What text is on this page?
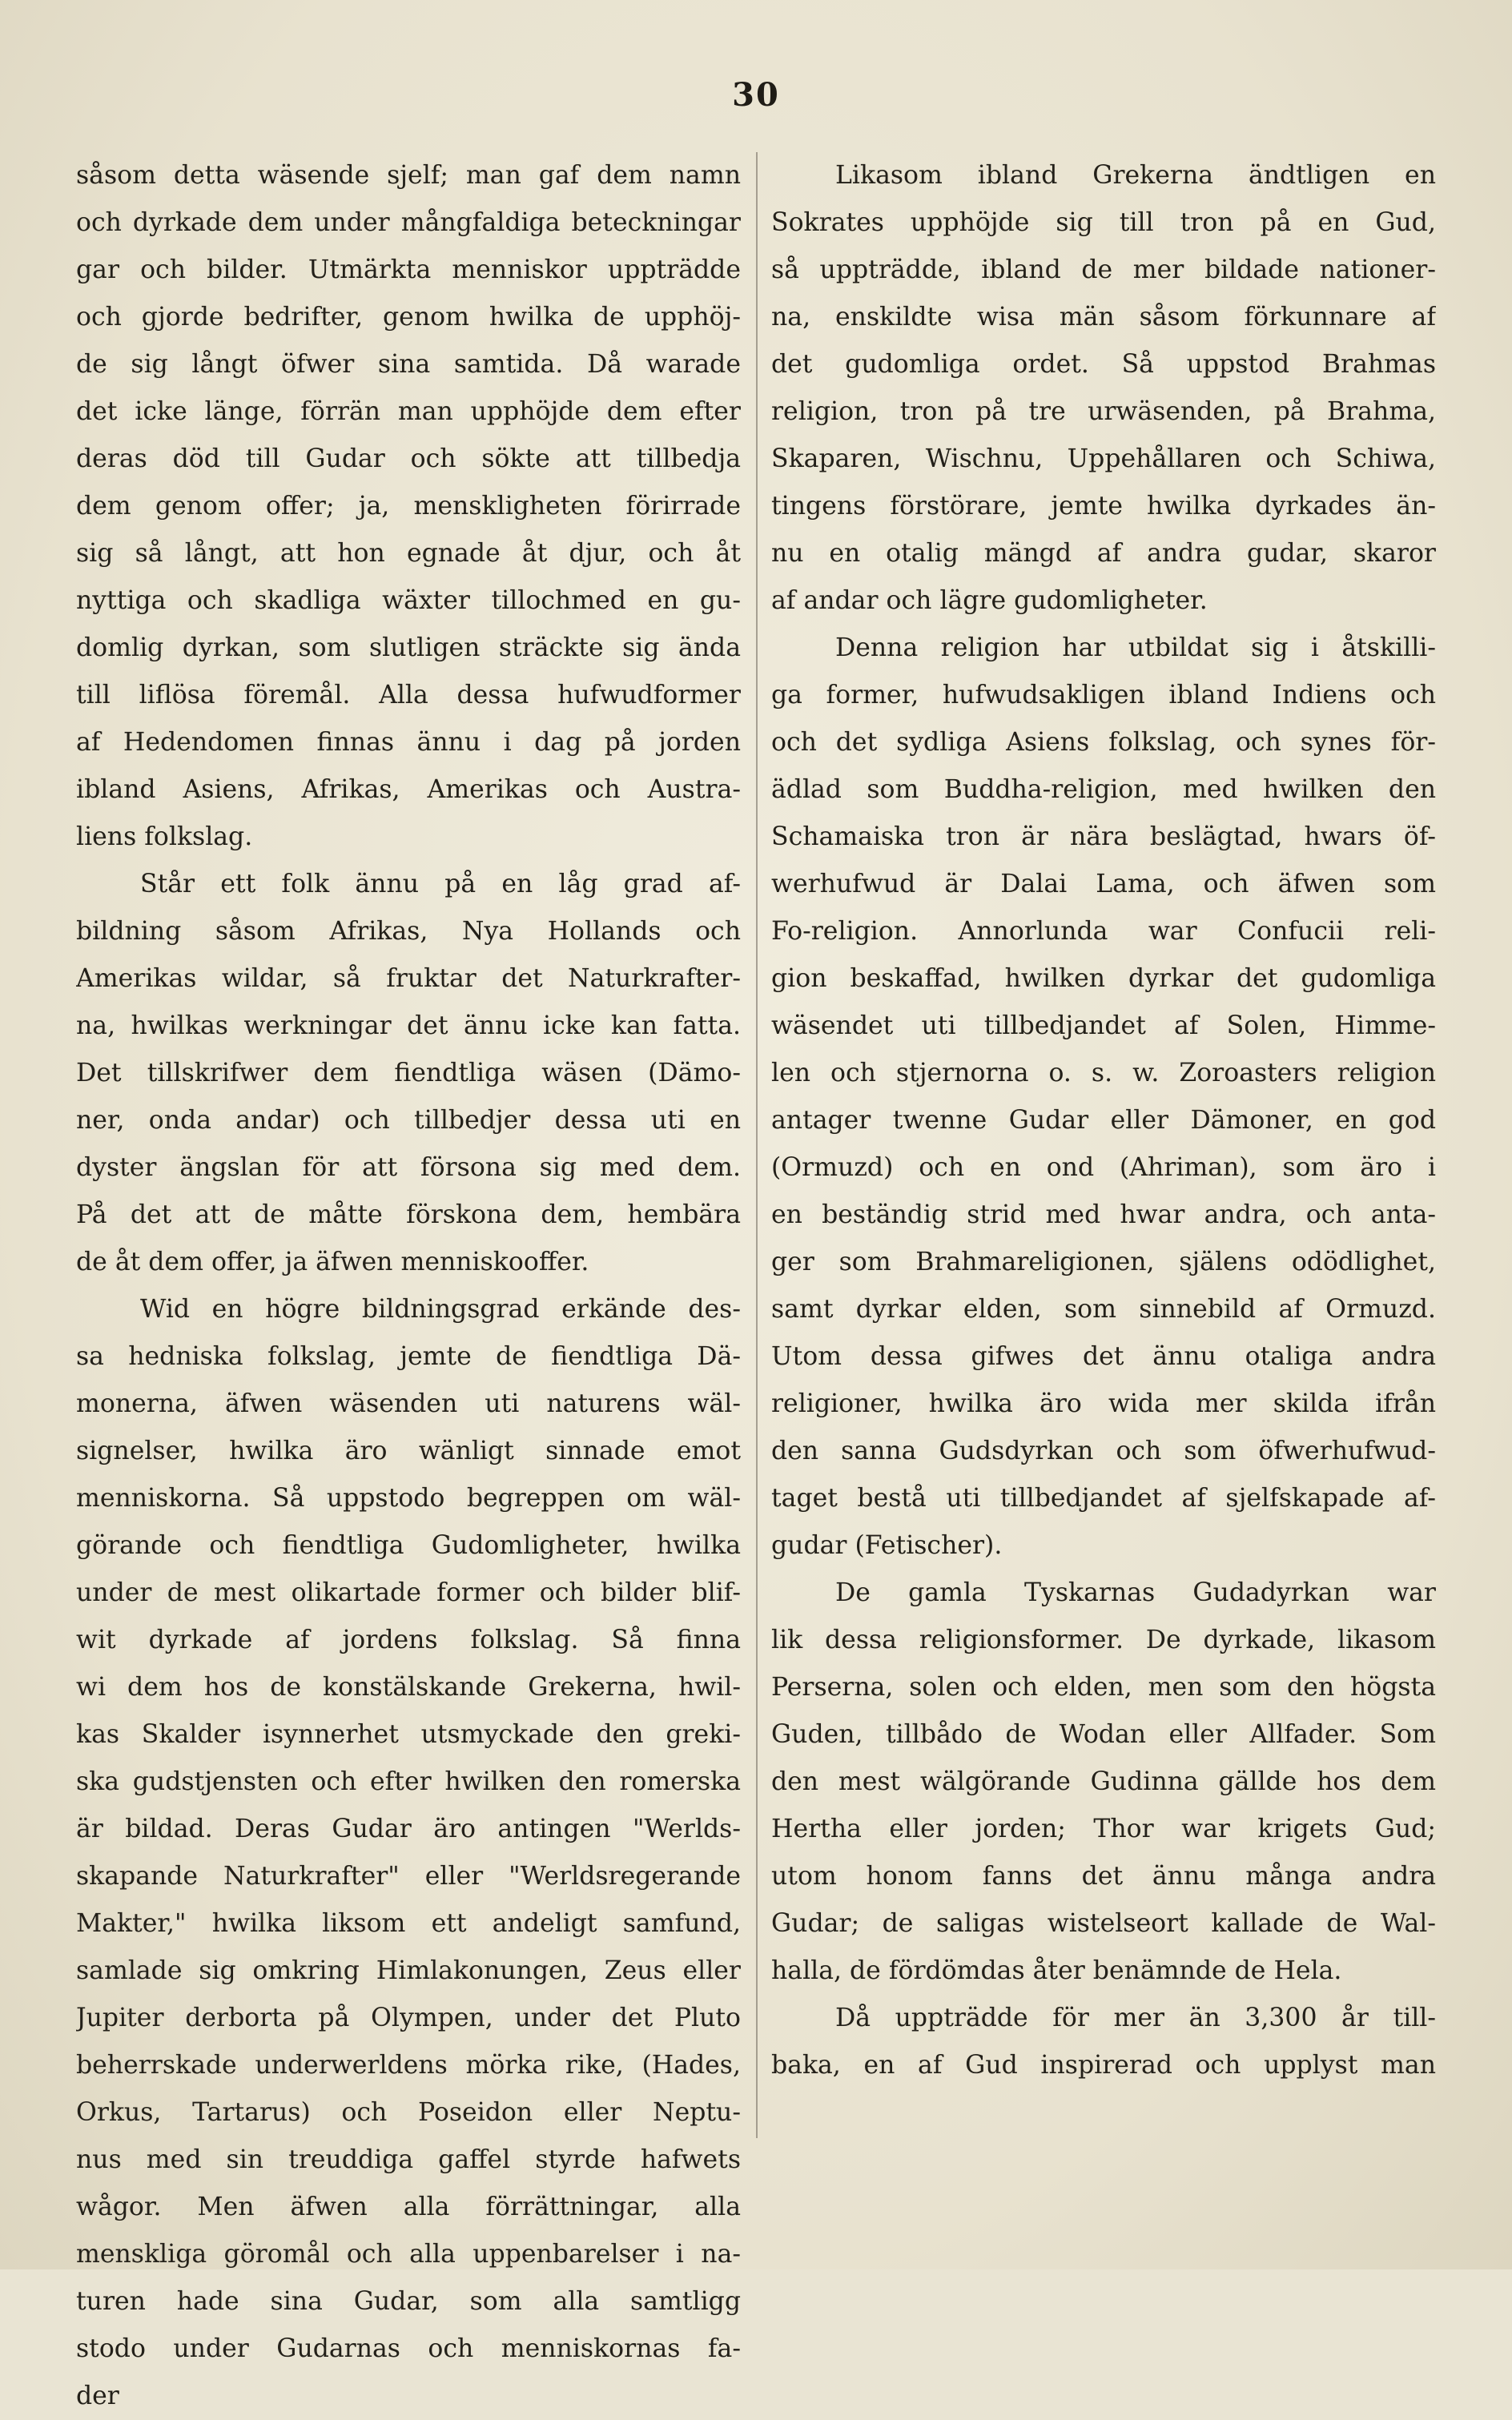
30
såsom detta wäsende sjelf; man gaf dem namn
och dyrkade dem under mångfaldiga beteckningar
gar och bilder. Utmärkta menniskor uppträdde
och gjorde bedrifter, genom hwilka de upphöj-
de sig långt öfwer sina samtida. Då warade
det icke länge, förrän man upphöjde dem efter
deras död till Gudar och sökte att tillbedja
dem genom offer; ja, menskligheten förirrade
sig så långt, att hon egnade åt djur, och åt
nyttiga och skadliga wäxter tillochmed en gu-
domlig dyrkan, som slutligen sträckte sig ända
till liflösa föremål. Alla dessa hufwudformer
af Hedendomen finnas ännu i dag på jorden
ibland Asiens, Afrikas, Amerikas och Austra-
liens folkslag.
Står ett folk ännu på en låg grad af-
bildning såsom Afrikas, Nya Hollands och
Amerikas wildar, så fruktar det Naturkrafter-
na, hwilkas werkningar det ännu icke kan fatta.
Det tillskrifwer dem fiendtliga wäsen (Dämo-
ner, onda andar) och tillbedjer dessa uti en
dyster ängslan för att försona sig med dem.
På det att de måtte förskona dem, hembära
de åt dem offer, ja äfwen menniskooffer.
Wid en högre bildningsgrad erkände des-
sa hedniska folkslag, jemte de fiendtliga Dä-
monerna, äfwen wäsenden uti naturens wäl-
signelser, hwilka äro wänligt sinnade emot
menniskorna. Så uppstodo begreppen om wäl-
görande och fiendtliga Gudomligheter, hwilka
under de mest olikartade former och bilder blif-
wit dyrkade af jordens folkslag. Så finna
wi dem hos de konstälskande Grekerna, hwil-
kas Skalder isynnerhet utsmyckade den greki-
ska gudstjensten och efter hwilken den romerska
är bildad. Deras Gudar äro antingen "Werlds-
skapande Naturkrafter" eller "Werldsregerande
Makter," hwilka liksom ett andeligt samfund,
samlade sig omkring Himlakonungen, Zeus eller
Jupiter derborta på Olympen, under det Pluto
beherrskade underwerldens mörka rike, (Hades,
Orkus, Tartarus) och Poseidon eller Neptu-
nus med sin treuddiga gaffel styrde hafwets
wågor. Men äfwen alla förrättningar, alla
menskliga göromål och alla uppenbarelser i na-
turen hade sina Gudar, som alla samtligg
stodo under Gudarnas och menniskornas fa-
der
Likasom ibland Grekerna ändtligen en
Sokrates upphöjde sig till tron på en Gud,
så uppträdde, ibland de mer bildade nationer-
na, enskildte wisa män såsom förkunnare af
det gudomliga ordet. Så uppstod Brahmas
religion, tron på tre urwäsenden, på Brahma,
Skaparen, Wischnu, Uppehållaren och Schiwa,
tingens förstörare, jemte hwilka dyrkades än-
nu en otalig mängd af andra gudar, skaror
af andar och lägre gudomligheter.
Denna religion har utbildat sig i åtskilli-
ga former, hufwudsakligen ibland Indiens och
och det sydliga Asiens folkslag, och synes för-
ädlad som Buddha-religion, med hwilken den
Schamaiska tron är nära beslägtad, hwars öf-
werhufwud är Dalai Lama, och äfwen som
Fo-religion. Annorlunda war Confucii reli-
gion beskaffad, hwilken dyrkar det gudomliga
wäsendet uti tillbedjandet af Solen, Himme-
len och stjernorna o. s. w. Zoroasters religion
antager twenne Gudar eller Dämoner, en god
(Ormuzd) och en ond (Ahriman), som äro i
en beständig strid med hwar andra, och anta-
ger som Brahmareligionen, själens odödlighet,
samt dyrkar elden, som sinnebild af Ormuzd.
Utom dessa gifwes det ännu otaliga andra
religioner, hwilka äro wida mer skilda ifrån
den sanna Gudsdyrkan och som öfwerhufwud-
taget bestå uti tillbedjandet af sjelfskapade af-
gudar (Fetischer).
De gamla Tyskarnas Gudadyrkan war
lik dessa religionsformer. De dyrkade, likasom
Perserna, solen och elden, men som den högsta
Guden, tillbådo de Wodan eller Allfader. Som
den mest wälgörande Gudinna gällde hos dem
Hertha eller jorden; Thor war krigets Gud;
utom honom fanns det ännu många andra
Gudar; de saligas wistelseort kallade de Wal-
halla, de fördömdas åter benämnde de Hela.
Då uppträdde för mer än 3,300 år till-
baka, en af Gud inspirerad och upplyst man
